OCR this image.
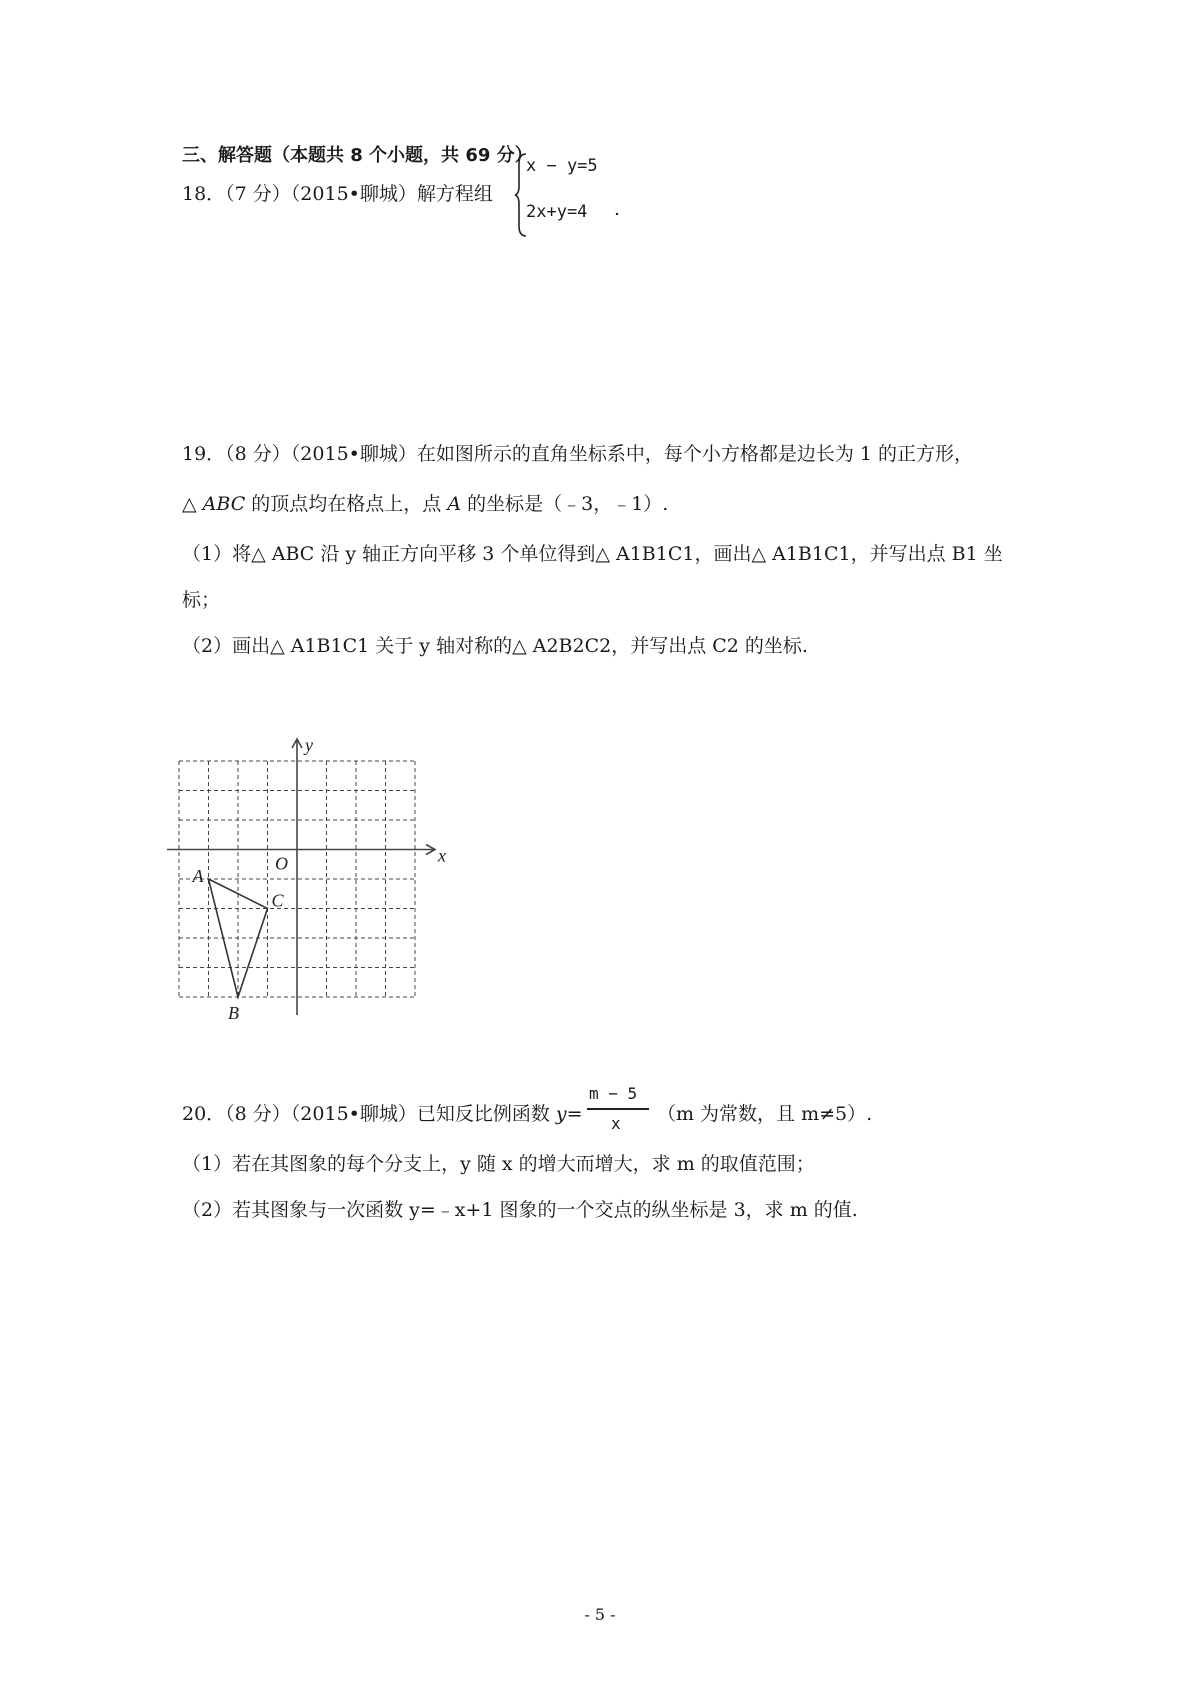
三、解答题（本题共 8 个小题，共 69 分）
18．（7 分）（2015•聊城）解方程组
x − y=5
2x+y=4 .
19．（8 分）（2015•聊城）在如图所示的直角坐标系中，每个小方格都是边长为 1 的正方形，
△ ABC 的顶点均在格点上，点 A 的坐标是（﹣3，﹣1）.
（1）将△ ABC 沿 y 轴正方向平移 3 个单位得到△ A1B1C1，画出△ A1B1C1，并写出点 B1 坐
标；
（2）画出△ A1B1C1 关于 y 轴对称的△ A2B2C2，并写出点 C2 的坐标.
x
y
O
A
B
C
20．（8 分）（2015•聊城）已知反比例函数 y=
m − 5
x （m 为常数，且 m≠5）.
（1）若在其图象的每个分支上，y 随 x 的增大而增大，求 m 的取值范围；
（2）若其图象与一次函数 y=﹣x+1 图象的一个交点的纵坐标是 3，求 m 的值.
- 5 -
